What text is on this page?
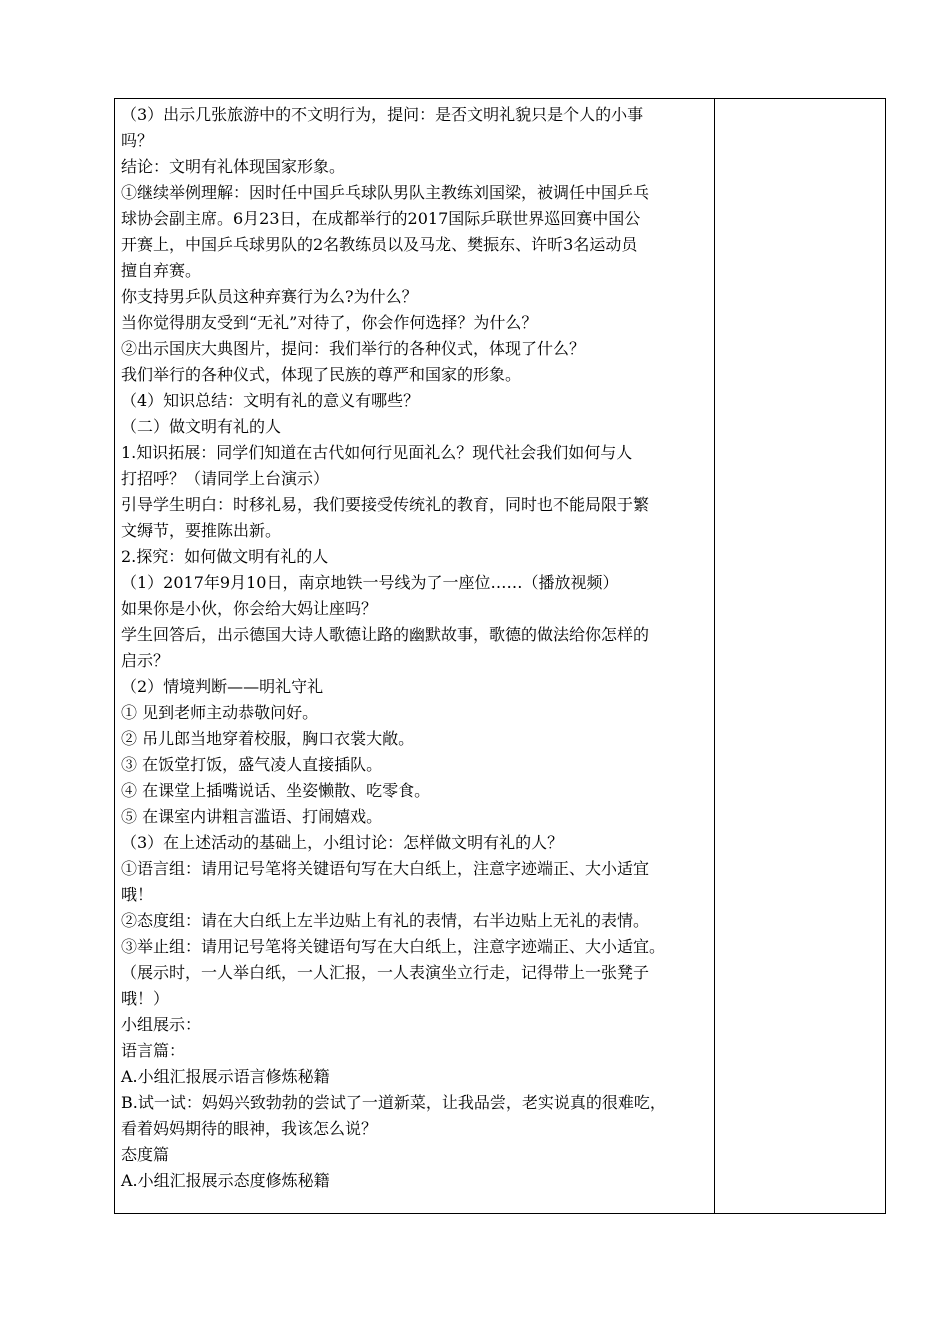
（3）出示几张旅游中的不文明行为，提问：是否文明礼貌只是个人的小事
吗？
结论：文明有礼体现国家形象。
①继续举例理解：因时任中国乒乓球队男队主教练刘国梁，被调任中国乒乓
球协会副主席。6月23日，在成都举行的2017国际乒联世界巡回赛中国公
开赛上，中国乒乓球男队的2名教练员以及马龙、樊振东、许昕3名运动员
擅自弃赛。
你支持男乒队员这种弃赛行为么?为什么？
当你觉得朋友受到“无礼”对待了，你会作何选择？为什么？
②出示国庆大典图片，提问：我们举行的各种仪式，体现了什么？
我们举行的各种仪式，体现了民族的尊严和国家的形象。
（4）知识总结：文明有礼的意义有哪些？
（二）做文明有礼的人
1.知识拓展：同学们知道在古代如何行见面礼么？现代社会我们如何与人
打招呼？（请同学上台演示）
引导学生明白：时移礼易，我们要接受传统礼的教育，同时也不能局限于繁
文缛节，要推陈出新。
2.探究：如何做文明有礼的人
（1）2017年9月10日，南京地铁一号线为了一座位……（播放视频）
如果你是小伙，你会给大妈让座吗？
学生回答后，出示德国大诗人歌德让路的幽默故事，歌德的做法给你怎样的
启示？
（2）情境判断——明礼守礼
① 见到老师主动恭敬问好。
② 吊儿郎当地穿着校服，胸口衣裳大敞。
③ 在饭堂打饭，盛气凌人直接插队。
④ 在课堂上插嘴说话、坐姿懒散、吃零食。
⑤ 在课室内讲粗言滥语、打闹嬉戏。
（3）在上述活动的基础上，小组讨论：怎样做文明有礼的人？
①语言组：请用记号笔将关键语句写在大白纸上，注意字迹端正、大小适宜
哦！
②态度组：请在大白纸上左半边贴上有礼的表情，右半边贴上无礼的表情。
③举止组：请用记号笔将关键语句写在大白纸上，注意字迹端正、大小适宜。
（展示时，一人举白纸，一人汇报，一人表演坐立行走，记得带上一张凳子
哦！）
小组展示：
语言篇：
A.小组汇报展示语言修炼秘籍
B.试一试：妈妈兴致勃勃的尝试了一道新菜，让我品尝，老实说真的很难吃，
看着妈妈期待的眼神，我该怎么说？
态度篇
A.小组汇报展示态度修炼秘籍
